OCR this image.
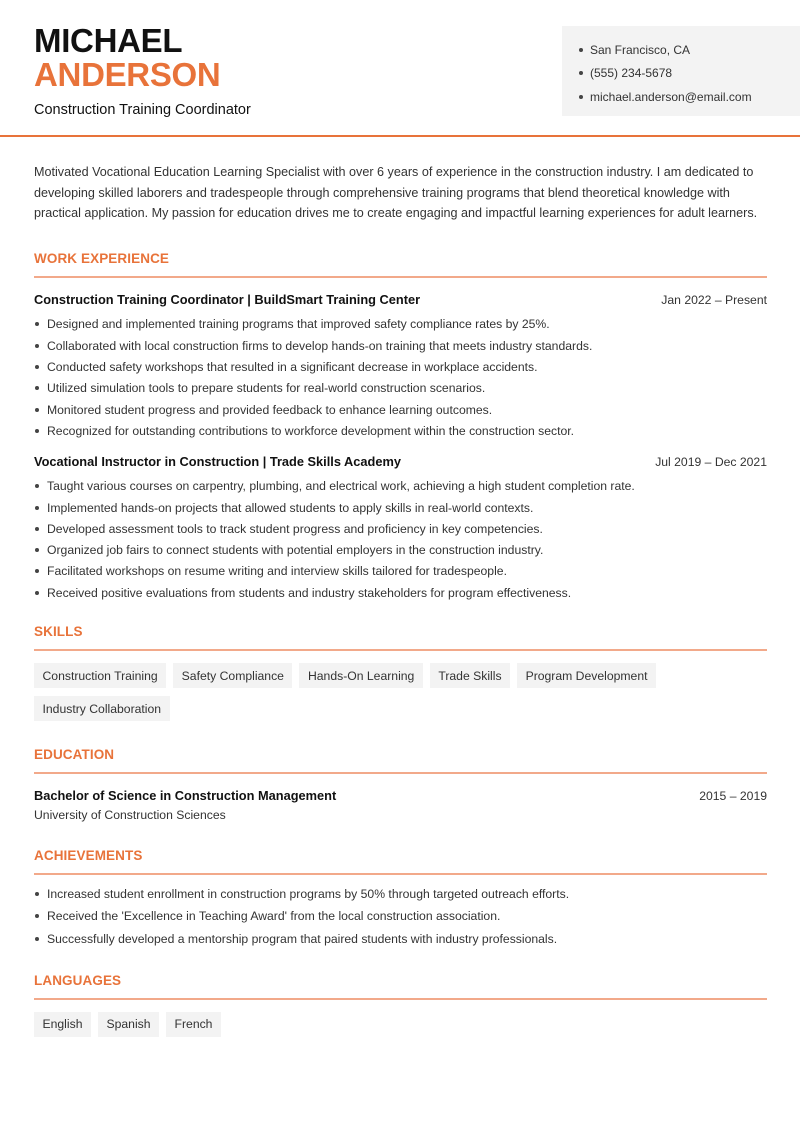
MICHAEL
ANDERSON
Construction Training Coordinator
San Francisco, CA
(555) 234-5678
michael.anderson@email.com

Motivated Vocational Education Learning Specialist with over 6 years of experience in the construction industry. I am dedicated to developing skilled laborers and tradespeople through comprehensive training programs that blend theoretical knowledge with practical application. My passion for education drives me to create engaging and impactful learning experiences for adult learners.

WORK EXPERIENCE
Construction Training Coordinator | BuildSmart Training Center	Jan 2022 – Present
Designed and implemented training programs that improved safety compliance rates by 25%.
Collaborated with local construction firms to develop hands-on training that meets industry standards.
Conducted safety workshops that resulted in a significant decrease in workplace accidents.
Utilized simulation tools to prepare students for real-world construction scenarios.
Monitored student progress and provided feedback to enhance learning outcomes.
Recognized for outstanding contributions to workforce development within the construction sector.
Vocational Instructor in Construction | Trade Skills Academy	Jul 2019 – Dec 2021
Taught various courses on carpentry, plumbing, and electrical work, achieving a high student completion rate.
Implemented hands-on projects that allowed students to apply skills in real-world contexts.
Developed assessment tools to track student progress and proficiency in key competencies.
Organized job fairs to connect students with potential employers in the construction industry.
Facilitated workshops on resume writing and interview skills tailored for tradespeople.
Received positive evaluations from students and industry stakeholders for program effectiveness.
SKILLS
Construction Training	Safety Compliance	Hands-On Learning	Trade Skills	Program Development
Industry Collaboration
EDUCATION
Bachelor of Science in Construction Management	2015 – 2019
University of Construction Sciences
ACHIEVEMENTS
Increased student enrollment in construction programs by 50% through targeted outreach efforts.
Received the 'Excellence in Teaching Award' from the local construction association.
Successfully developed a mentorship program that paired students with industry professionals.
LANGUAGES
English	Spanish	French
